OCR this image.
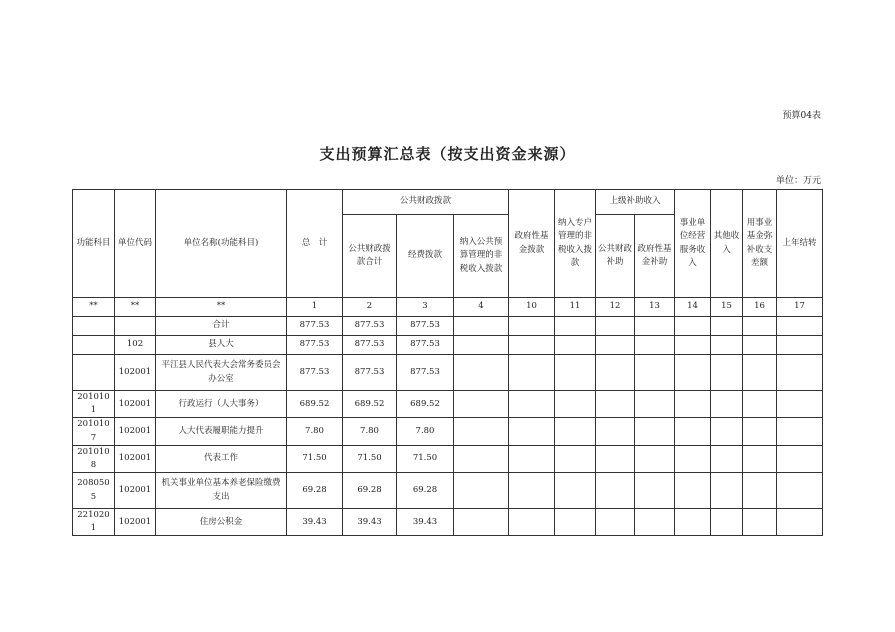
预算04表
支出预算汇总表（按支出资金来源）
单位：万元
功能科目	单位代码	单位名称(功能科目)	总　计	公共财政拨款			政府性基金拨款	纳入专户管理的非税收入拨款	上级补助收入		事业单位经营服务收入	其他收入	用事业基金弥补收支差额	上年结转
				公共财政拨款合计	经费拨款	纳入公共预算管理的非税收入拨款			公共财政补助	政府性基金补助				
**	**	**	1	2	3	4	10	11	12	13	14	15	16	17
		合计	877.53	877.53	877.53									
	102	县人大	877.53	877.53	877.53									
	102001	平江县人民代表大会常务委员会办公室	877.53	877.53	877.53									
2010101	102001	行政运行（人大事务）	689.52	689.52	689.52									
2010107	102001	人大代表履职能力提升	7.80	7.80	7.80									
2010108	102001	代表工作	71.50	71.50	71.50									
2080505	102001	机关事业单位基本养老保险缴费支出	69.28	69.28	69.28									
2210201	102001	住房公积金	39.43	39.43	39.43									
